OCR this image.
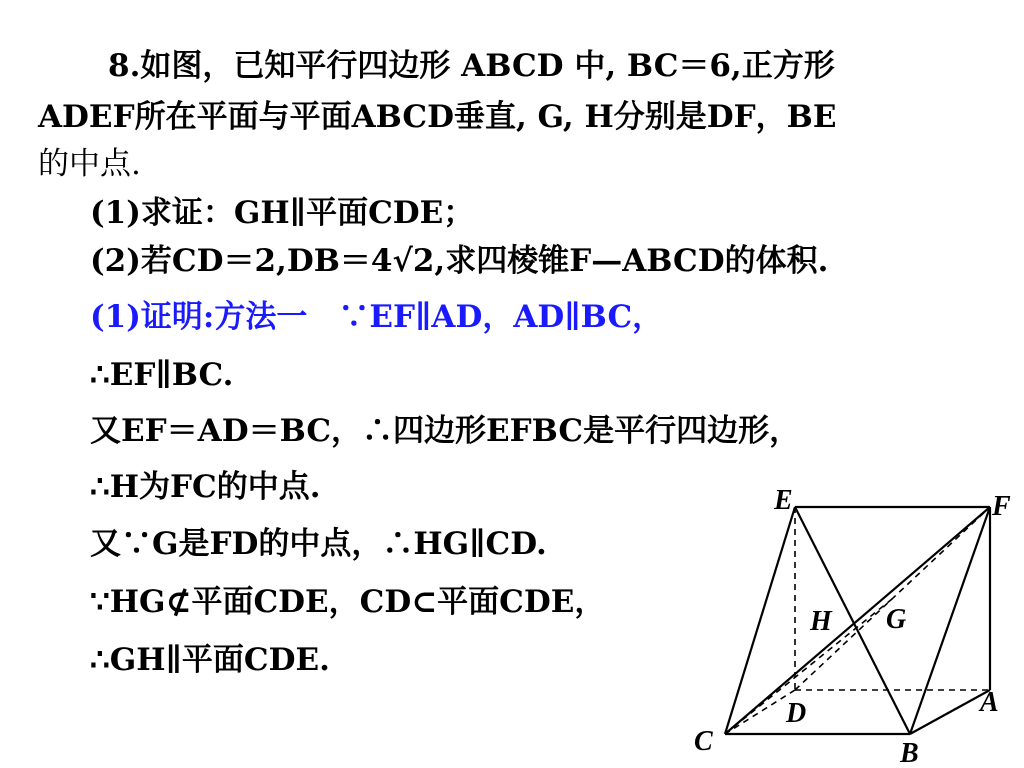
8.如图，已知平行四边形 ABCD 中, BC＝6,正方形
ADEF所在平面与平面ABCD垂直, G, H分别是DF，BE
的中点.
(1)求证：GH∥平面CDE；
(2)若CD＝2,DB＝4√2,求四棱锥F—ABCD的体积.
(1)证明:方法一　∵EF∥AD，AD∥BC，
∴EF∥BC.
又EF＝AD＝BC，∴四边形EFBC是平行四边形，
∴H为FC的中点.
又∵G是FD的中点，∴HG∥CD.
∵HG⊄平面CDE，CD⊂平面CDE，
∴GH∥平面CDE.
E	F
H G
D	A
C	B
